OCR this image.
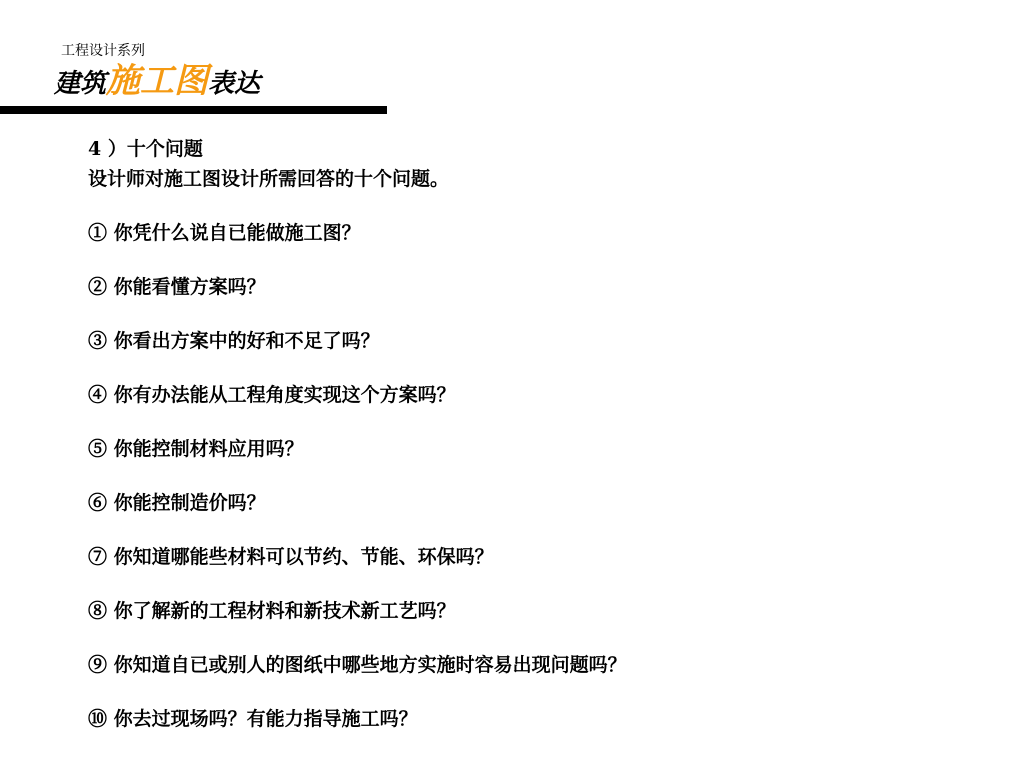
工程设计系列
建筑施工图表达
4 ）十个问题
设计师对施工图设计所需回答的十个问题。
① 你凭什么说自已能做施工图？
② 你能看懂方案吗？
③ 你看出方案中的好和不足了吗？
④ 你有办法能从工程角度实现这个方案吗？
⑤ 你能控制材料应用吗？
⑥ 你能控制造价吗？
⑦ 你知道哪能些材料可以节约、节能、环保吗？
⑧ 你了解新的工程材料和新技术新工艺吗？
⑨ 你知道自已或别人的图纸中哪些地方实施时容易出现问题吗？
⑩ 你去过现场吗？有能力指导施工吗？
